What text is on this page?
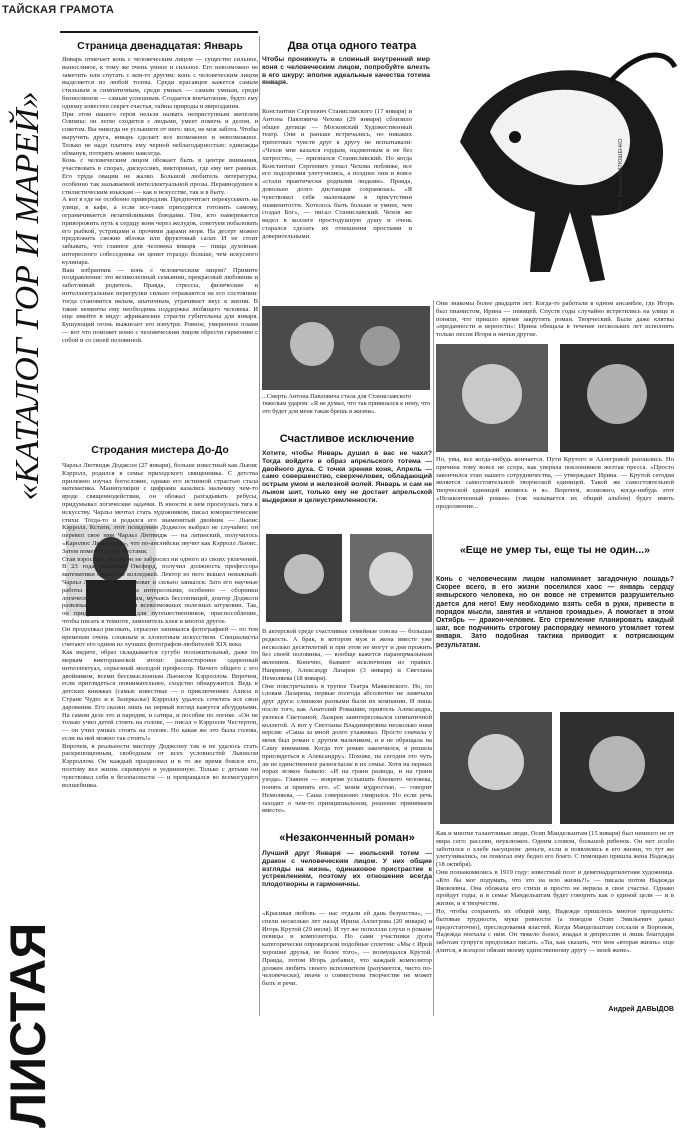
ЛИСТАЯ
«КАТАЛОГ ГОР И МАРЕЙ»
ТАЙСКАЯ ГРАМОТА
Страница двенадцатая: Январь
Январь отмечает конь с человеческим лицом — существо сильное, выносливое, к тому же очень умное и сильное. Его невозможно не заметить или спутать с кем-то другим: конь с человеческим лицом выделяется из любой толпы. Среди красавцев кажется самым стильным и симпатичным, среди умных — самым умным, среди бизнесменов — самым успешным. Создается впечатление, будто ему одному известен секрет счастья, тайны природы и мироздания.
При этом нашего героя нельзя назвать неприступным жителем Олимпа: он легко сходится с людьми, умеет помочь и делом, и советом. Вы никогда не услышите от него: мол, не моя забота. Чтобы выручить друга, январь сделает все возможное и невозможное. Только не надо платить ему черной неблагодарностью: единожды обманув, потерять можно навсегда.
Конь с человеческим лицом обожает быть в центре внимания, участвовать в спорах, дискуссиях, викторинах, где ему нет равных. Его труда овации не жалко. Большой любитель литературы, особенно так называемой интеллектуальной прозы. Неравнодушен к стилистическим изыскам — как в искусстве, так и в быту.
А вот в еде не особенно привередлив. Предпочитает перекусывать на улице, в кафе, а если все-таки приходится готовить самому, ограничивается незатейливыми блюдами. Тем, кто намеревается приворожить путь к сердцу коня через желудок, советуем побаловать его рыбкой, устрицами и прочими дарами моря. На десерт можно предложить свежие яблоки или фруктовый салат. И не стоит забывать, что главное для человека января — пища духовная: интересного собеседника он ценит гораздо больше, чем искусного кулинара.
Ваш избранник — конь с человеческим лицом? Примите поздравления: это великолепный семьянин, прекрасный любовник и заботливый родитель. Правда, стрессы, физические и интеллектуальные перегрузки сильно отражаются на его состоянии: тогда становится вялым, апатичным, утрачивает вкус к жизни. В такие моменты ему необходима поддержка любящего человека. И еще имейте в виду: африканские страсти губительны для января. Бушующий огонь выжигает его изнутри. Ровное, умеренное пламя — вот что поможет коню с человеческим лицом обрести гармонию с собой и со своей половиной.
Стродания мистера До-До
Чарльз Лютвидж Доджсон (27 января), больше известный как Льюис Кэрролл, родился в семье приходского священника. С детства прилежно изучал богословие, однако его истинной страстью стала математика. Манипуляции с цифрами казались мальчику чем-то вроде священнодействия, он обожал разгадывать ребусы, придумывал логические задачки. В юности в нем проснулась тяга к искусству. Чарльз мечтал стать художником, писал юмористические стихи. Тогда-то и родился его знаменитый двойник — Льюис Кэрролл. Кстати, этот псевдоним Доджсон выбрал не случайно: он перевел свое имя Чарльз Лютвидж — на латинский, получилось «Каролюс Людовикус», что по-английски звучит как Кэрролл Льюис. Затем поменял слова местами.
Став взрослым, Доджсон не забросил ни одного из своих увлечений. В 23 года, закончив Оксфорд, получил должность профессора математики одного из колледжей. Лектор из него вышел неважный: Чарльз Лютвидж был глуховат и сильно заикался. Зато его научные работы оказались весьма интересными, особенно — сборники логических задач. По ночам, мучаясь бессонницей, доктор Доджсон развлекался изобретением всевозможных полезных штуковин. Так, он придумал шахматы для путешественников, приспособление, чтобы писать в темноте, заменитель клея и многое другое.
Он продолжал рисовать, серьезно занимался фотографией — по тем временам очень сложным и хлопотным искусством. Специалисты считают его одним из лучших фотографов-любителей XIX века.
Как видите, образ складывается сугубо положительный, даже по меркам викторианской эпохи: разносторонне одаренный интеллектуал, серьезный молодой профессор. Ничего общего с его двойником, всеми бессмысленным Льюисом Кэрроллом. Впрочем, если приглядеться повнимательнее, сходство обнаружится. Ведь в детских книжках (самые известные — о приключениях Алисы в Стране Чудес и в Зазеркалье) Кэрроллу удалось сочетать все свои дарования. Его сказки лишь на первый взгляд кажутся абсурдными. На самом деле это и пародия, и сатира, и пособие по логике. «Он не только учил детей стоять на голове, — писал о Кэрролле Честертон, — он учил умных стоять на голове. Но какая же это была голова, если на ней можно так стоять!»
Впрочем, в реальности мистеру Доджсону так и не удалось стать раскрепощенным, свободным от всех условностей Льюисом Кэрроллом. Он каждый праздновал и в то же время боялся его, поэтому вел жизнь скромную и уединенную. Только с детьми он чувствовал себя в безопасности — и превращался во всемогущего волшебника.
Два отца одного театра
Чтобы проникнуть в сложный внутренний мир коня с человеческим лицом, попробуйте влезть в его шкуру: вполне идеальные качества тотема января.
Константин Сергеевич Станиславского (17 января) и Антона Павловича Чехова (29 января) сблизило общее детище — Московский Художественный театр. Они и раньше встречались, но никаких трепетных чувств друг к другу не испытывали: «Чехов мне казался гордым, надменным и не без хитрости», — признался Станиславский. Но когда Константин Сергеевич узнал Чехова поближе, все его подозрения улетучились, а позднее они и вовсе «стали практически родными людьми». Правда, довольно долго дистанция сохранялась. «Я чувствовал себя маленьким в присутствии знаменитости. Хотелось быть больше и умнее, чем создал Бог», — писал Станиславский. Чехов же видел в коллеге простодушную душу и очень старался сделать их отношения простыми и доверительными.
Рис. Евгения МАТЮШЕНКО
...Смерть Антона Павловича стала для Станиславского тяжелым ударом: «Я не думал, что так привязался к нему, что это будет для меня такая брешь в жизни».
Они знакомы более двадцати лет. Когда-то работали в одном ансамбле, где Игорь был пианистом, Ирина — певицей. Спустя годы случайно встретились на улице и поняли, что пришло время закрутить роман. Творческий. Были даже клятвы «преданности и верности»: Ирина обещала в течение нескольких лет исполнять только песни Игоря и ничьи другие.
Но, увы, все когда-нибудь кончается. Пути Крутого и Аллегровой разошлись. Но причина тому вовсе не ссора, как уверяла поклонников желтая пресса. «Просто закончился этап нашего сотрудничества, — утверждает Ирина. — Крутой сегодня является самостоятельной творческой единицей. Такой же самостоятельной творческой единицей являюсь и я». Впрочем, возможно, когда-нибудь этот «Незаконченный роман» (так называется их общий альбом) будет иметь продолжение...
Счастливое исключение
Хотите, чтобы Январь душил в вас не чахл? Тогда войдите в образ апрельского тотема — двойного духа. С точки зрения коня, Апрель — само совершенство, сверхчеловек, обладающий острым умом и железной волей. Январь и сам не лыком шит, только ему не достает апрельской выдержки и целеустремленности.
В актерской среде счастливые семейные союзы — большая редкость. А брак, в котором муж и жена вместе уже несколько десятилетий и при этом не могут и дня прожить без своей половины, — вообще кажется паранормальным явлением. Конечно, бывают исключения из правил. Например, Александр Лазарев (3 января) и Светлана Немоляева (18 января).
Они повстречались в труппе Театра Маяковского. Но, по словам Лазарева, первые полгода абсолютно не замечали друг друга: слишком разными были их компании. И лишь после того, как Анатолий Ромашин, приятель Александра, увлекся Светланой, Лазарев заинтересовался симпатичной коллегой. А вот у Светланы Владимировны несколько иная версия: «Саша за мной долго ухаживал. Просто сначала у меня был роман с другим мальчиком, и я не обращала на Сашу внимания. Когда тот роман закончился, я решила приглядеться к Александру». Похоже, на сегодня это чуть ли не единственное разногласие в их семье. Хотя на первых порах всякое бывало: «И на грани развода, и на грани ухода». Главное — вовремя услышать близкого человека, понять и принять его. «С моим мудростью, — говорит Немоляева, — Саша совершенно смирился. Но если речь заходит о чем-то принципиальном, решение принимаем вместе».
«Незаконченный роман»
Лучший друг Января — июльский тотем — дракон с человеческим лицом. У них общие взгляды на жизнь, одинаковое пристрастие к устремлениям, поэтому их отношения всегда плодотворны и гармоничны.
«Красивая любовь — нас отдали ей дань безумства», — спели несколько лет назад Ирина Аллегрова (20 января) и Игорь Крутой (29 июля). И тут же поползли слухи о романе певицы и композитора. Но сами участники дуэта категорически опровергали подобные сплетни: «Мы с Ирой хорошие друзья, не более того», — возмущался Крутой. Правда, потом Игорь добавил, что каждый композитор должен любить своего исполнителя (разумеется, чисто по-человечески), иначе о совместном творчестве не может быть и речи.
«Еще не умер ты, еще ты не один...»
Конь с человеческим лицом напоминает загадочную лошадь? Скорее всего, в его жизни поселился хаос — январь сердцу янвырского человека, но он вовсе не стремится разрушительно дается для него! Ему необходимо взять себя в руки, привести в порядок мысли, занятия и «планов громадье». А помогает в этом Октябрь — дракон-человек. Его стремление планировать каждый шаг, все подчинить строгому распорядку немного утомляет тотем января. Зато подобная тактика приводит к потрясающим результатам.
Как и многие талантливые люди, Осип Мандельштам (15 января) был немного не от мира сего: рассеян, неуклюжен. Одним словом, большой ребенок. Он нет особо заботился о хлебе насущном: деньги, если и появлялись в его жизни, то тут же улетучивались, он помогал ему бедно его благо. С помощью пришла жена Надежда (18 октября).
Они познакомились в 1919 году: известный поэт и девятнадцатилетняя художница. «Кто бы мог подумать, что это на всю жизнь?!» — писала потом Надежда Яковлевна. Она обожала его стихи и просто не верила в свое счастье. Однако пройдут годы, и в семье Мандельштам будет говорить как о единой цели — и в жизни, и в творчестве.
Но, чтобы сохранить их общий мир, Надежде пришлось многое преодолеть: бытовые трудности, муки ревности (а поводов Осип Эмильевич давал предостаточно), преследования властей. Когда Мандельштам сослали в Воронеж, Надежда поехала с ним. Он тяжело болел, впадал в депрессию и лишь благодаря заботам супруги продолжал писать. «Ты, как сказать, что моя «вторая жизнь» еще длится, я всецело обязан моему единственному другу — моей жене».
Андрей ДАВЫДОВ
